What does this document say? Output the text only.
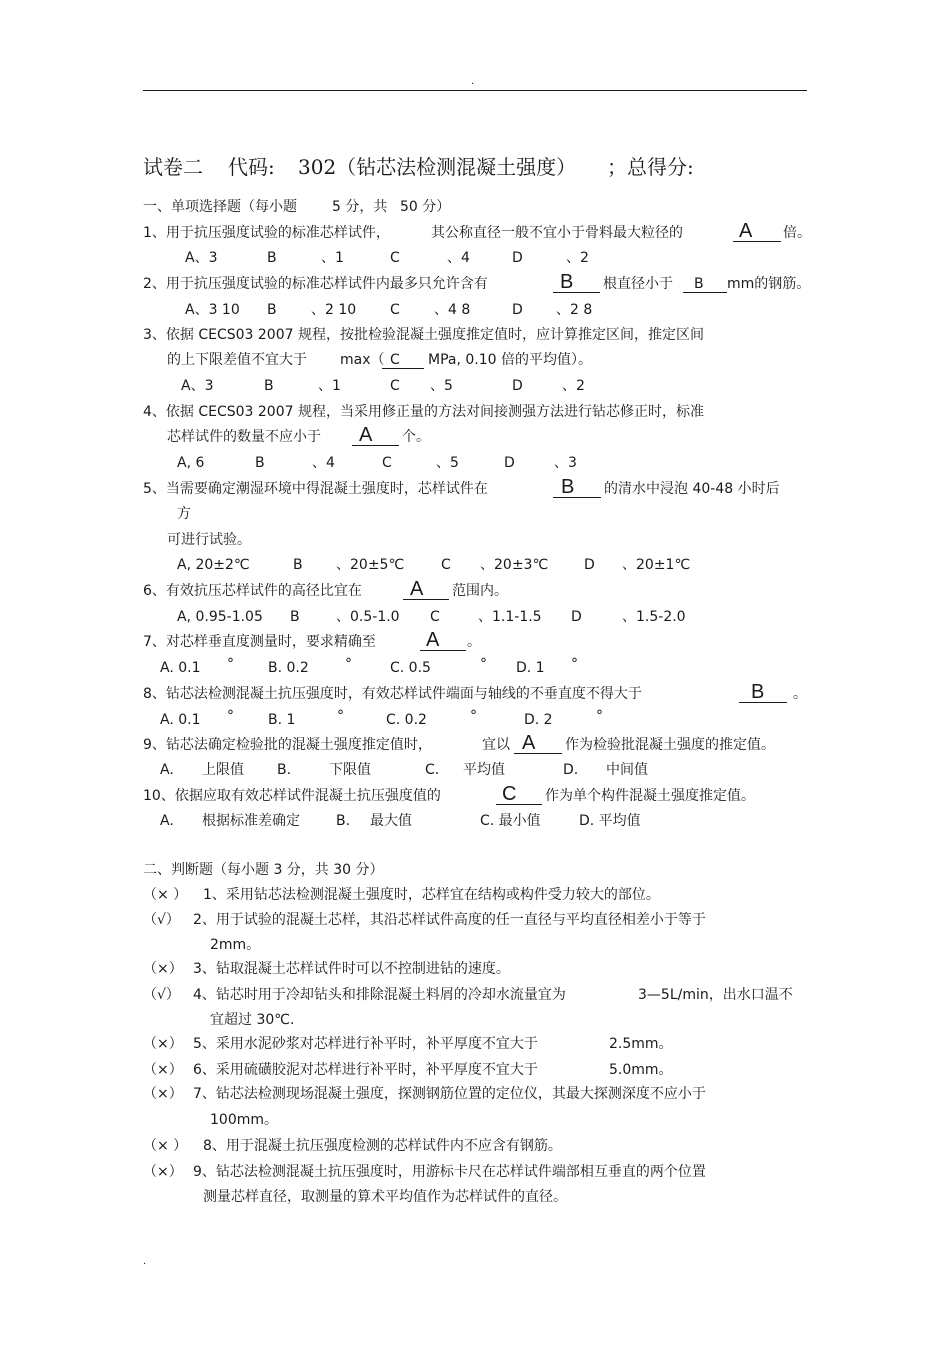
.
试卷二 代码: 302（钻芯法检测混凝土强度） ；总得分:
一、单项选择题（每小题	5 分，共 50 分）
1、用于抗压强度试验的标准芯样试件，	其公称直径一般不宜小于骨料最大粒径的	A 倍。
A、3	B	、1	C	、4	D	、2
2、用于抗压强度试验的标准芯样试件内最多只允许含有	B 根直径小于 B mm的钢筋。
A、3 10 B 、2 10 C 、4 8	D 、2 8
3、依据 CECS03 2007 规程，按批检验混凝土强度推定值时，应计算推定区间，推定区间
的上下限差值不宜大于 max（ C MPa, 0.10 倍的平均值）。
A、3	B	、1	C 、5	D	、2
4、依据 CECS03 2007 规程，当采用修正量的方法对间接测强方法进行钻芯修正时，标准
芯样试件的数量不应小于 A 个。
A, 6	B	、4	C	、5	D	、3
5、当需要确定潮湿环境中得混凝土强度时，芯样试件在	B 的清水中浸泡 40-48 小时后
方
可进行试验。
A, 20±2℃	B 、20±5℃	C 、20±3℃	D 、20±1℃
6、有效抗压芯样试件的高径比宜在 A 范围内。
A, 0.95-1.05 B	、0.5-1.0 C	、1.1-1.5 D	、1.5-2.0
7、对芯样垂直度测量时，要求精确至	A 。
A. 0.1 ° B. 0.2	°	C. 0.5	° D. 1 °
8、钻芯法检测混凝土抗压强度时，有效芯样试件端面与轴线的不垂直度不得大于	B 。
A. 0.1 ° B. 1	°	C. 0.2	°	D. 2	°
9、钻芯法确定检验批的混凝土强度推定值时，	宜以 A 作为检验批混凝土强度的推定值。
A. 上限值 B.	下限值	C. 平均值	D. 中间值
10、依据应取有效芯样试件混凝土抗压强度值的	C 作为单个构件混凝土强度推定值。
A. 根据标准差确定	B. 最大值	C. 最小值	D. 平均值
二、判断题（每小题 3 分，共 30 分）
（× ） 1、采用钻芯法检测混凝土强度时，芯样宜在结构或构件受力较大的部位。
（√） 2、用于试验的混凝土芯样，其沿芯样试件高度的任一直径与平均直径相差小于等于
2mm。
（×） 3、钻取混凝土芯样试件时可以不控制进钻的速度。
（√） 4、钻芯时用于冷却钻头和排除混凝土料屑的冷却水流量宜为	3—5L/min，出水口温不
宜超过 30℃.
（×） 5、采用水泥砂浆对芯样进行补平时，补平厚度不宜大于	2.5mm。
（×） 6、采用硫磺胶泥对芯样进行补平时，补平厚度不宜大于	5.0mm。
（×） 7、钻芯法检测现场混凝土强度，探测钢筋位置的定位仪，其最大探测深度不应小于
100mm。
（× ） 8、用于混凝土抗压强度检测的芯样试件内不应含有钢筋。
（×） 9、钻芯法检测混凝土抗压强度时，用游标卡尺在芯样试件端部相互垂直的两个位置
测量芯样直径，取测量的算术平均值作为芯样试件的直径。
.
